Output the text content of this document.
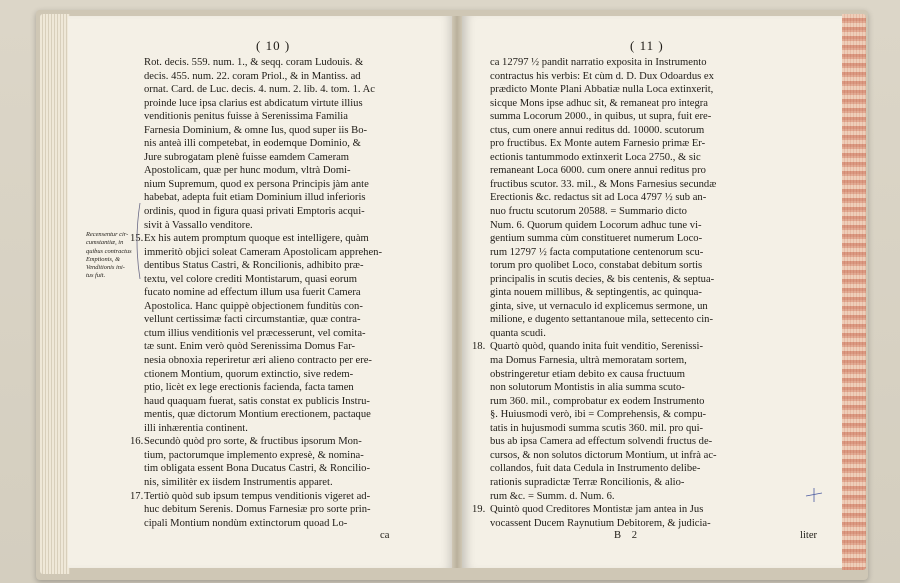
( 10 )
Rot. decis. 559. num. 1., & seqq. coram Ludouis. &
decis. 455. num. 22. coram Priol., & in Mantiss. ad
ornat. Card. de Luc. decis. 4. num. 2. lib. 4. tom. 1. Ac
proinde luce ipsa clarius est abdicatum virtute illius
venditionis penitus fuisse à Serenissima Familia
Farnesia Dominium, & omne Ius, quod super iis Bo-
nis anteà illi competebat, in eodemque Dominio, &
Jure subrogatam plenè fuisse eamdem Cameram
Apostolicam, quæ per hunc modum, vltrà Domi-
nium Supremum, quod ex persona Principis jàm ante
habebat, adepta fuit etiam Dominium illud inferioris
ordinis, quod in figura quasi privati Emptoris acqui-
sivit à Vassallo venditore.
15. Ex his autem promptum quoque est intelligere, quàm
immeritò objici soleat Cameram Apostolicam apprehen-
dentibus Status Castri, & Roncilionis, adhibito præ-
textu, vel colore crediti Montistarum, quasi eorum
fucato nomine ad effectum illum usa fuerit Camera
Apostolica. Hanc quippè objectionem funditùs con-
vellunt certissimæ facti circumstantiæ, quæ contra-
ctum illius venditionis vel præcesserunt, vel comita-
tæ sunt. Enim verò quòd Serenissima Domus Far-
nesia obnoxia reperiretur æri alieno contracto per ere-
ctionem Montium, quorum extinctio, sive redem-
ptio, licèt ex lege erectionis facienda, facta tamen
haud quaquam fuerat, satis constat ex publicis Instru-
mentis, quæ dictorum Montium erectionem, pactaque
illi inhærentia continent.
16. Secundò quòd pro sorte, & fructibus ipsorum Mon-
tium, pactorumque implemento expresè, & nomina-
tim obligata essent Bona Ducatus Castri, & Roncilio-
nis, similitèr ex iisdem Instrumentis apparet.
17. Tertiò quòd sub ipsum tempus venditionis vigeret ad-
huc debitum Serenis. Domus Farnesiæ pro sorte prin-
cipali Montium nondùm extinctorum quoad Lo-
Recensentur cir-
cumstantiæ, in
quibus contractus
Emptionis, &
Venditionis ini-
tus fuit.
ca
( 11 )
ca 12797 ½ pandit narratio exposita in Instrumento
contractus his verbis: Et cùm d. D. Dux Odoardus ex
prædicto Monte Plani Abbatiæ nulla Loca extinxerit,
sicque Mons ipse adhuc sit, & remaneat pro integra
summa Locorum 2000., in quibus, ut supra, fuit ere-
ctus, cum onere annui reditus dd. 10000. scutorum
pro fructibus. Ex Monte autem Farnesio primæ Er-
ectionis tantummodo extinxerit Loca 2750., & sic
remaneant Loca 6000. cum onere annui reditus pro
fructibus scutor. 33. mil., & Mons Farnesius secundæ
Erectionis &c. redactus sit ad Loca 4797 ½ sub an-
nuo fructu scutorum 20588. = Summario dicto
Num. 6. Quorum quidem Locorum adhuc tune vi-
gentium summa cùm constitueret numerum Loco-
rum 12797 ½ facta computatione centenorum scu-
torum pro quolibet Loco, constabat debitum sortis
principalis in scutis decies, & bis centenis, & septua-
ginta nouem millibus, & septingentis, ac quinqua-
ginta, sive, ut vernaculo id explicemus sermone, un
milione, e dugento settantanoue mila, settecento cin-
quanta scudi.
18. Quartò quòd, quando inita fuit venditio, Serenissi-
ma Domus Farnesia, ultrà memoratam sortem,
obstringeretur etiam debito ex causa fructuum
non solutorum Montistis in alia summa scuto-
rum 360. mil., comprobatur ex eodem Instrumento
§. Huiusmodi verò, ibi = Comprehensis, & compu-
tatis in hujusmodi summa scutis 360. mil. pro qui-
bus ab ipsa Camera ad effectum solvendi fructus de-
cursos, & non solutos dictorum Montium, ut infrà ac-
collandos, fuit data Cedula in Instrumento delibe-
rationis supradictæ Terræ Roncilionis, & alio-
rum &c. = Summ. d. Num. 6.
19. Quintò quod Creditores Montistæ jam antea in Jus
vocassent Ducem Raynutium Debitorem, & judicia-
B 2	liter
